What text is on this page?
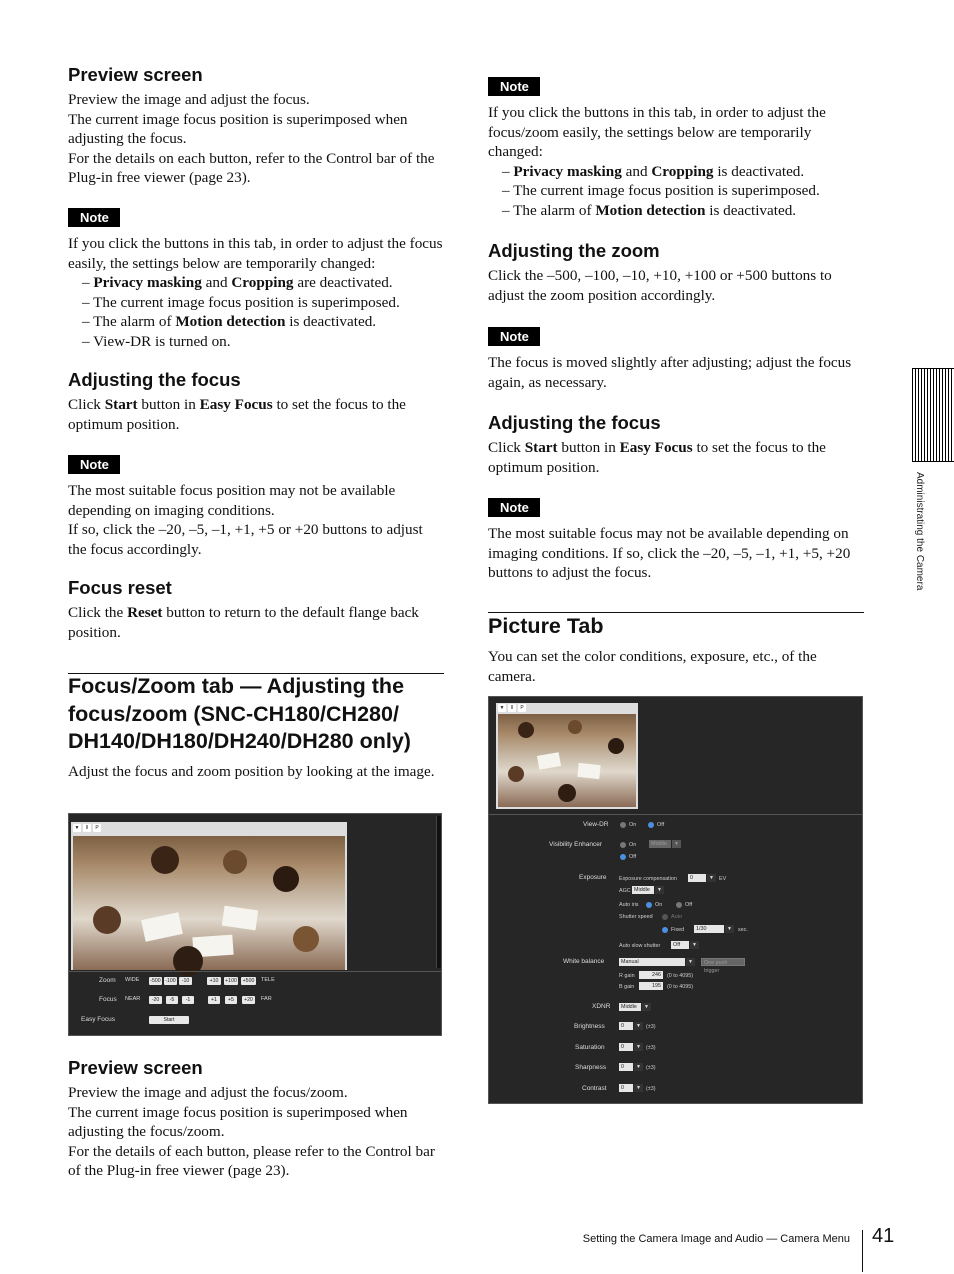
Preview screen
Preview the image and adjust the focus.
The current image focus position is superimposed when adjusting the focus.
For the details on each button, refer to the Control bar of the Plug-in free viewer (page 23).
Note
If you click the buttons in this tab, in order to adjust the focus easily, the settings below are temporarily changed:
– Privacy masking and Cropping are deactivated.
– The current image focus position is superimposed.
– The alarm of Motion detection is deactivated.
– View-DR is turned on.
Adjusting the focus
Click Start button in Easy Focus to set the focus to the optimum position.
Note
The most suitable focus position may not be available depending on imaging conditions.
If so, click the –20, –5, –1, +1, +5 or +20 buttons to adjust the focus accordingly.
Focus reset
Click the Reset button to return to the default flange back position.
Focus/Zoom tab — Adjusting the
focus/zoom (SNC-CH180/CH280/
DH140/DH180/DH240/DH280 only)
Adjust the focus and zoom position by looking at the image.
▼	II	P
Zoom WIDE -500 -100	-10	+10	+100	+500	TELE
Focus NEAR	-20	-5	-1	+1	+5	+20	FAR
Easy Focus	Start
Preview screen
Preview the image and adjust the focus/zoom.
The current image focus position is superimposed when adjusting the focus/zoom.
For the details of each button, please refer to the Control bar of the Plug-in free viewer (page 23).
Note
If you click the buttons in this tab, in order to adjust the focus/zoom easily, the settings below are temporarily changed:
– Privacy masking and Cropping is deactivated.
– The current image focus position is superimposed.
– The alarm of Motion detection is deactivated.
Adjusting the zoom
Click the –500, –100, –10, +10, +100 or +500 buttons to adjust the zoom position accordingly.
Note
The focus is moved slightly after adjusting; adjust the focus again, as necessary.
Adjusting the focus
Click Start button in Easy Focus to set the focus to the optimum position.
Note
The most suitable focus may not be available depending on imaging conditions. If so, click the –20, –5, –1, +1, +5, +20 buttons to adjust the focus.
Picture Tab
You can set the color conditions, exposure, etc., of the camera.
▼	II	P
View-DR	On	Off
Visibility Enhancer	On	Middle	▼
Off
Exposure Exposure compensation	0	▼ EV
AGC Middle	▼
Auto iris	On	Off
Shutter speed	Auto
Fixed	1/30	▼	sec.
Auto slow shutter	Off	▼
White balance	Manual	▼	One push trigger
R gain	246	(0 to 4095)
B gain	195	(0 to 4095)
XDNR	Middle	▼
Brightness	0	▼ (±3)
Saturation	0	▼ (±3)
Sharpness	0	▼ (±3)
Contrast	0	▼ (±3)
Administrating the Camera
Setting the Camera Image and Audio — Camera Menu 41
